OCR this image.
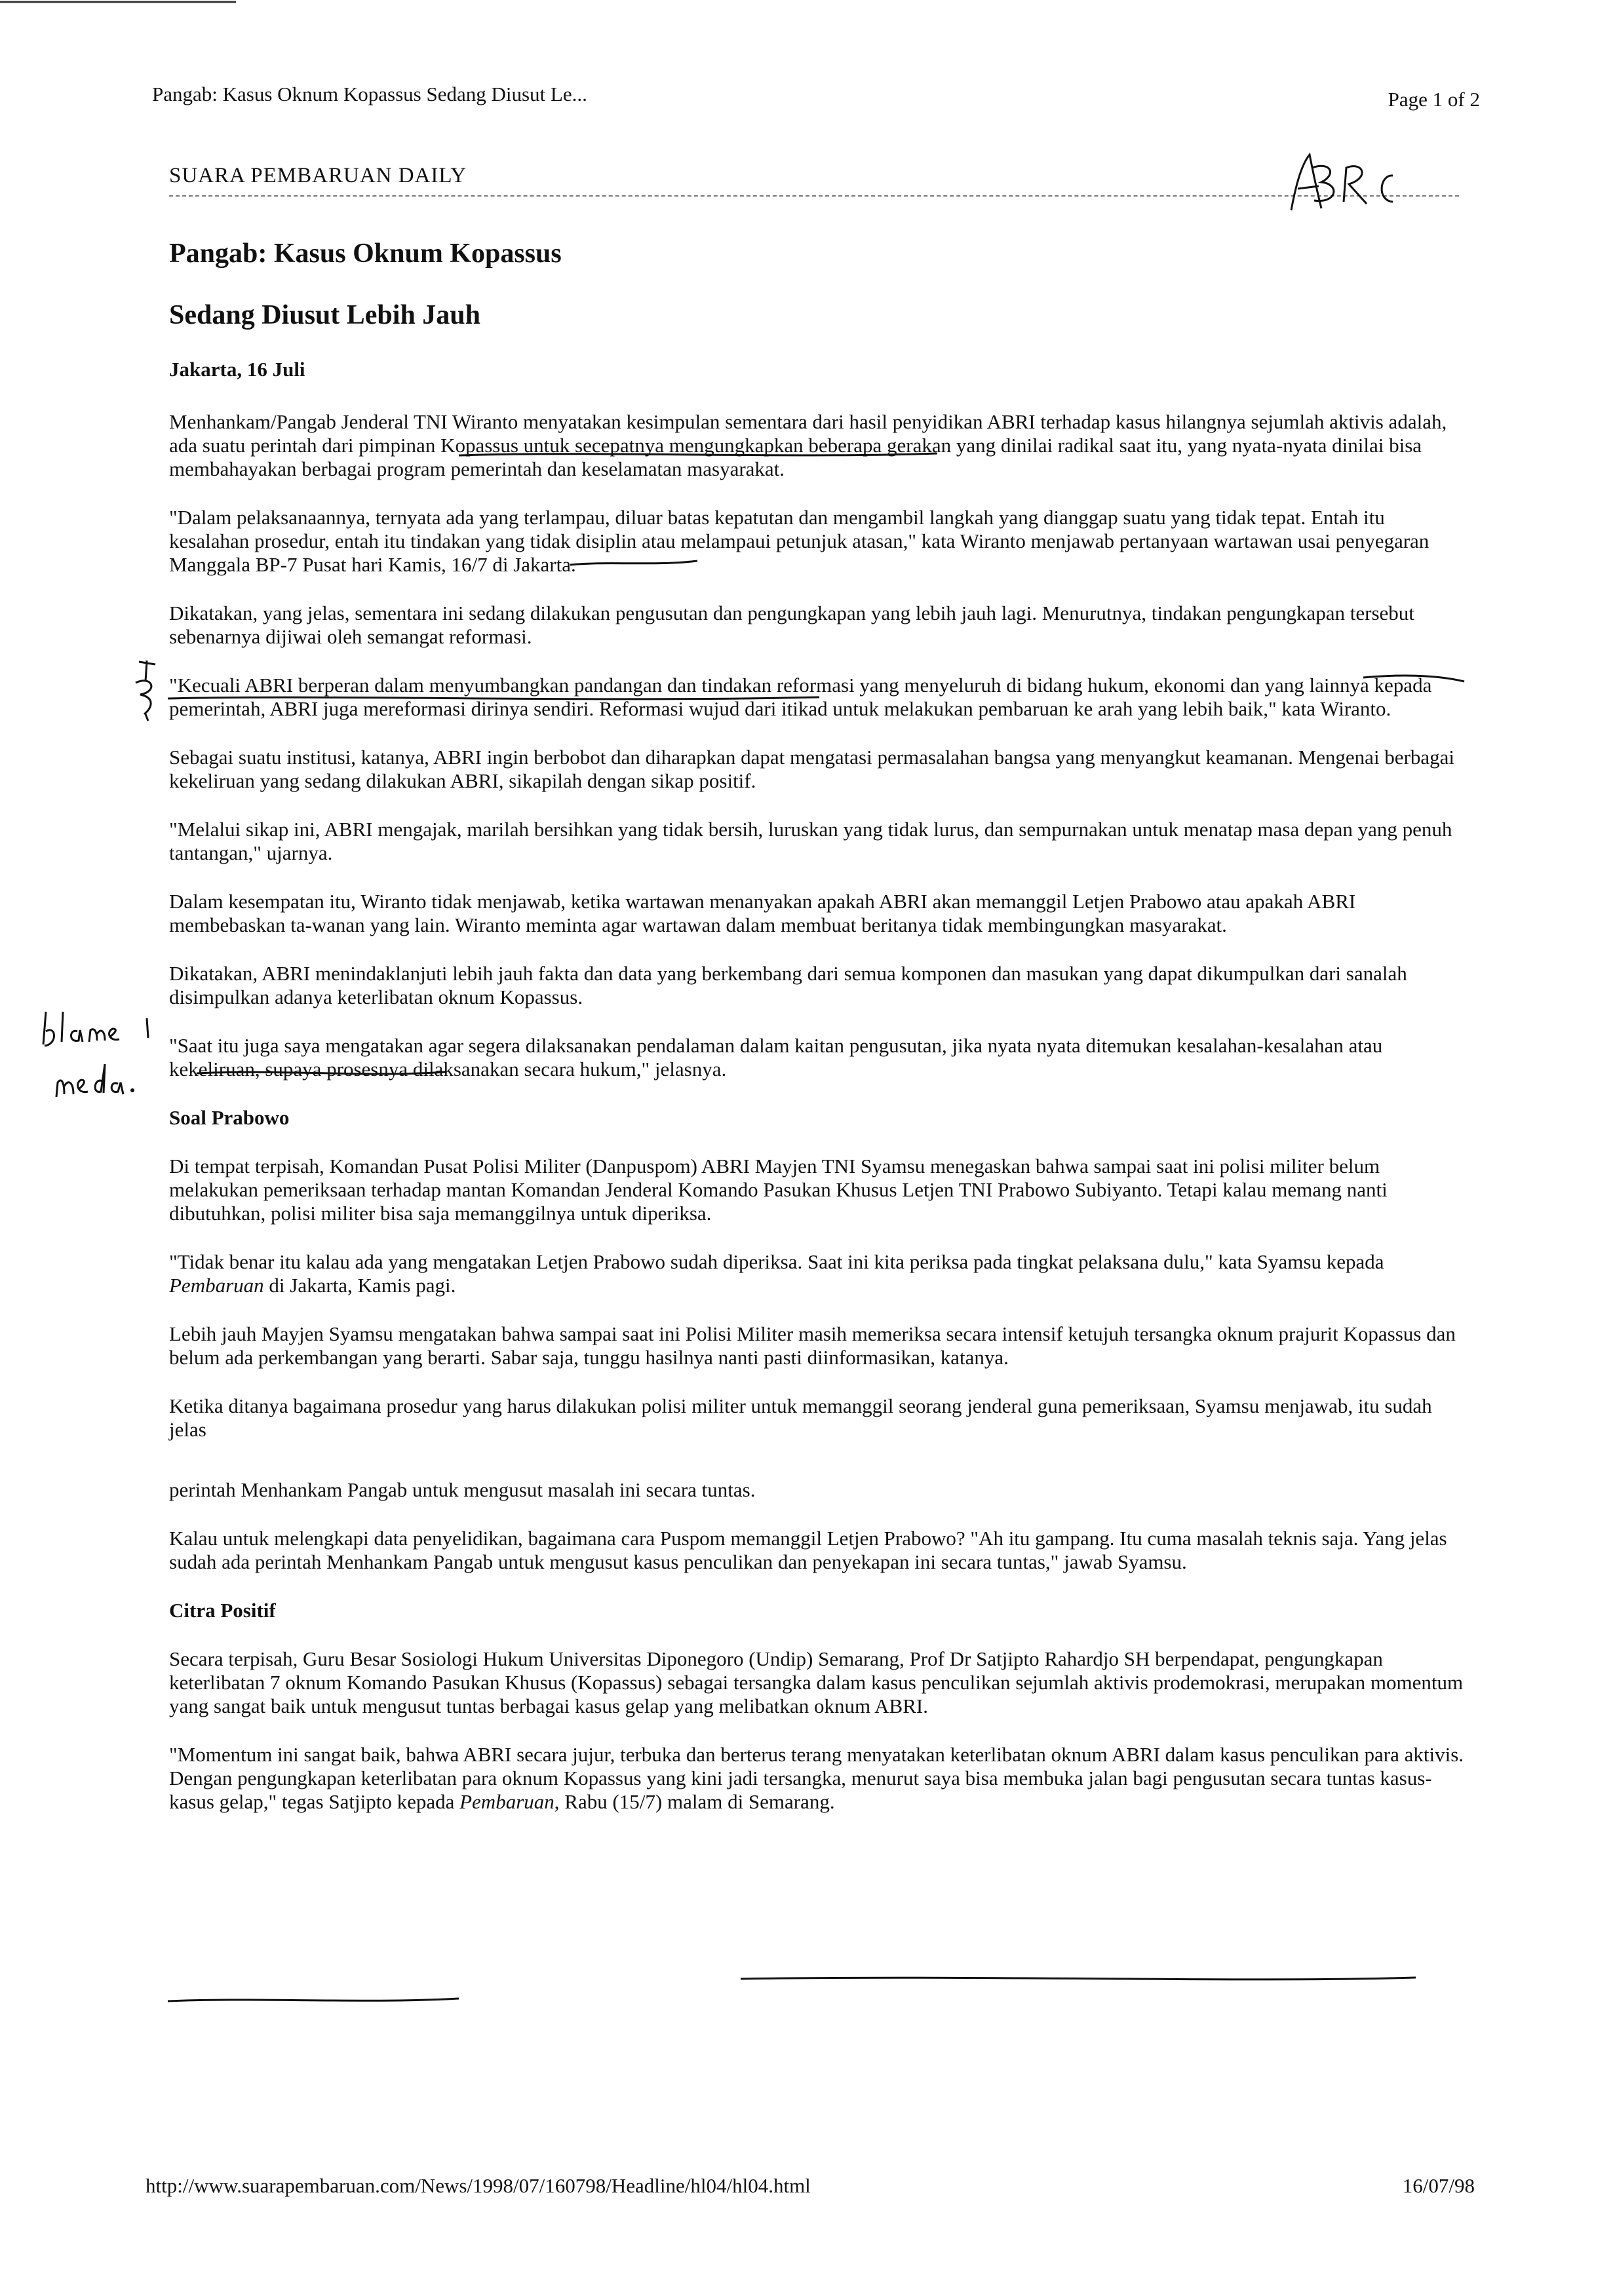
Pangab: Kasus Oknum Kopassus Sedang Diusut Le...	Page 1 of 2
SUARA PEMBARUAN DAILY
Pangab: Kasus Oknum Kopassus
Sedang Diusut Lebih Jauh
Jakarta, 16 Juli

Menhankam/Pangab Jenderal TNI Wiranto menyatakan kesimpulan sementara dari hasil penyidikan ABRI terhadap kasus hilangnya sejumlah aktivis adalah, ada suatu perintah dari pimpinan Kopassus untuk secepatnya mengungkapkan beberapa gerakan yang dinilai radikal saat itu, yang nyata-nyata dinilai bisa membahayakan berbagai program pemerintah dan keselamatan masyarakat.

"Dalam pelaksanaannya, ternyata ada yang terlampau, diluar batas kepatutan dan mengambil langkah yang dianggap suatu yang tidak tepat. Entah itu kesalahan prosedur, entah itu tindakan yang tidak disiplin atau melampaui petunjuk atasan," kata Wiranto menjawab pertanyaan wartawan usai penyegaran Manggala BP-7 Pusat hari Kamis, 16/7 di Jakarta.

Dikatakan, yang jelas, sementara ini sedang dilakukan pengusutan dan pengungkapan yang lebih jauh lagi. Menurutnya, tindakan pengungkapan tersebut sebenarnya dijiwai oleh semangat reformasi.

"Kecuali ABRI berperan dalam menyumbangkan pandangan dan tindakan reformasi yang menyeluruh di bidang hukum, ekonomi dan yang lainnya kepada pemerintah, ABRI juga mereformasi dirinya sendiri. Reformasi wujud dari itikad untuk melakukan pembaruan ke arah yang lebih baik," kata Wiranto.

Sebagai suatu institusi, katanya, ABRI ingin berbobot dan diharapkan dapat mengatasi permasalahan bangsa yang menyangkut keamanan. Mengenai berbagai kekeliruan yang sedang dilakukan ABRI, sikapilah dengan sikap positif.

"Melalui sikap ini, ABRI mengajak, marilah bersihkan yang tidak bersih, luruskan yang tidak lurus, dan sempurnakan untuk menatap masa depan yang penuh tantangan," ujarnya.

Dalam kesempatan itu, Wiranto tidak menjawab, ketika wartawan menanyakan apakah ABRI akan memanggil Letjen Prabowo atau apakah ABRI membebaskan ta-wanan yang lain. Wiranto meminta agar wartawan dalam membuat beritanya tidak membingungkan masyarakat.

Dikatakan, ABRI menindaklanjuti lebih jauh fakta dan data yang berkembang dari semua komponen dan masukan yang dapat dikumpulkan dari sanalah disimpulkan adanya keterlibatan oknum Kopassus.

"Saat itu juga saya mengatakan agar segera dilaksanakan pendalaman dalam kaitan pengusutan, jika nyata nyata ditemukan kesalahan-kesalahan atau kekeliruan, supaya prosesnya dilaksanakan secara hukum," jelasnya.

Soal Prabowo

Di tempat terpisah, Komandan Pusat Polisi Militer (Danpuspom) ABRI Mayjen TNI Syamsu menegaskan bahwa sampai saat ini polisi militer belum melakukan pemeriksaan terhadap mantan Komandan Jenderal Komando Pasukan Khusus Letjen TNI Prabowo Subiyanto. Tetapi kalau memang nanti dibutuhkan, polisi militer bisa saja memanggilnya untuk diperiksa.

"Tidak benar itu kalau ada yang mengatakan Letjen Prabowo sudah diperiksa. Saat ini kita periksa pada tingkat pelaksana dulu," kata Syamsu kepada Pembaruan di Jakarta, Kamis pagi.

Lebih jauh Mayjen Syamsu mengatakan bahwa sampai saat ini Polisi Militer masih memeriksa secara intensif ketujuh tersangka oknum prajurit Kopassus dan belum ada perkembangan yang berarti. Sabar saja, tunggu hasilnya nanti pasti diinformasikan, katanya.

Ketika ditanya bagaimana prosedur yang harus dilakukan polisi militer untuk memanggil seorang jenderal guna pemeriksaan, Syamsu menjawab, itu sudah jelas

perintah Menhankam Pangab untuk mengusut masalah ini secara tuntas.

Kalau untuk melengkapi data penyelidikan, bagaimana cara Puspom memanggil Letjen Prabowo? "Ah itu gampang. Itu cuma masalah teknis saja. Yang jelas sudah ada perintah Menhankam Pangab untuk mengusut kasus penculikan dan penyekapan ini secara tuntas," jawab Syamsu.

Citra Positif

Secara terpisah, Guru Besar Sosiologi Hukum Universitas Diponegoro (Undip) Semarang, Prof Dr Satjipto Rahardjo SH berpendapat, pengungkapan keterlibatan 7 oknum Komando Pasukan Khusus (Kopassus) sebagai tersangka dalam kasus penculikan sejumlah aktivis prodemokrasi, merupakan momentum yang sangat baik untuk mengusut tuntas berbagai kasus gelap yang melibatkan oknum ABRI.

"Momentum ini sangat baik, bahwa ABRI secara jujur, terbuka dan berterus terang menyatakan keterlibatan oknum ABRI dalam kasus penculikan para aktivis. Dengan pengungkapan keterlibatan para oknum Kopassus yang kini jadi tersangka, menurut saya bisa membuka jalan bagi pengusutan secara tuntas kasus-kasus gelap," tegas Satjipto kepada Pembaruan, Rabu (15/7) malam di Semarang.

http://www.suarapembaruan.com/News/1998/07/160798/Headline/hl04/hl04.html	16/07/98
